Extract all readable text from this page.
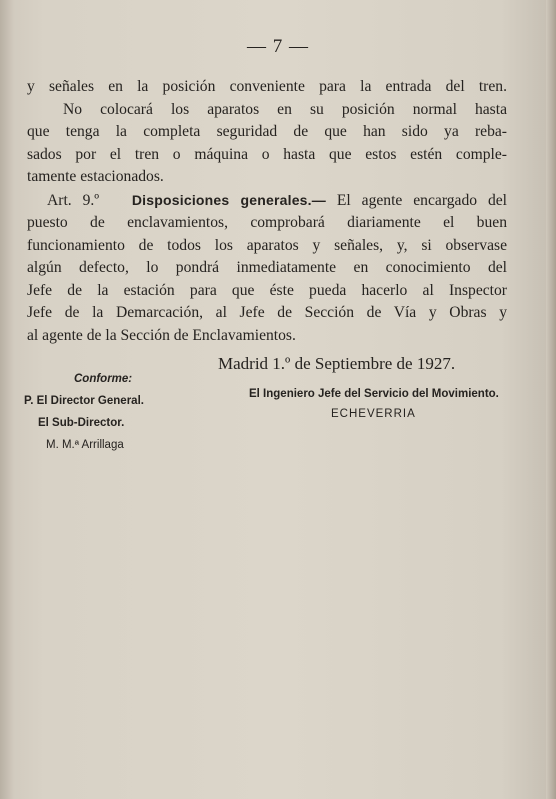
— 7 —
y señales en la posición conveniente para la entrada del tren.
No colocará los aparatos en su posición normal hasta
que tenga la completa seguridad de que han sido ya reba-
sados por el tren o máquina o hasta que estos estén comple-
tamente estacionados.
Art. 9.º Disposiciones generales.— El agente encargado del
puesto de enclavamientos, comprobará diariamente el buen
funcionamiento de todos los aparatos y señales, y, si observase
algún defecto, lo pondrá inmediatamente en conocimiento del
Jefe de la estación para que éste pueda hacerlo al Inspector
Jefe de la Demarcación, al Jefe de Sección de Vía y Obras y
al agente de la Sección de Enclavamientos.
Madrid 1.º de Septiembre de 1927.
Conforme:
P. El Director General.
El Sub-Director.
M. M.ª Arrillaga
El Ingeniero Jefe del Servicio del Movimiento.
ECHEVERRIA
